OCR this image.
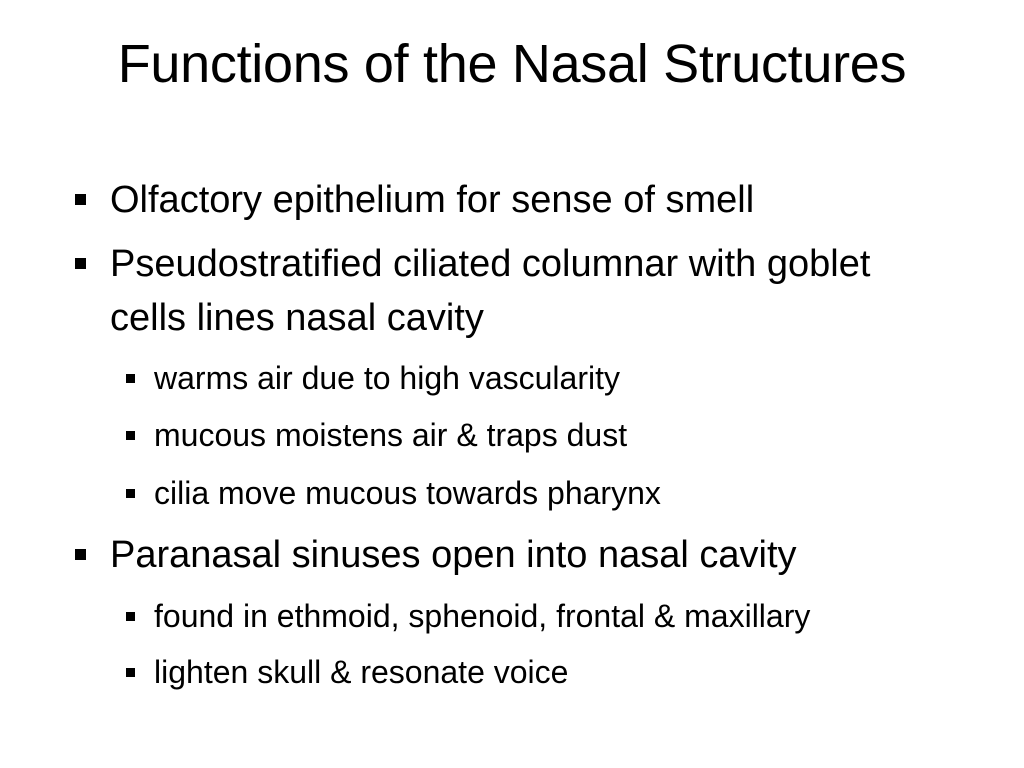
Functions of the Nasal Structures
Olfactory epithelium for sense of smell
Pseudostratified ciliated columnar with goblet cells lines nasal cavity
warms air due to high vascularity
mucous moistens air & traps dust
cilia move mucous towards pharynx
Paranasal sinuses open into nasal cavity
found in ethmoid, sphenoid, frontal & maxillary
lighten skull & resonate voice
